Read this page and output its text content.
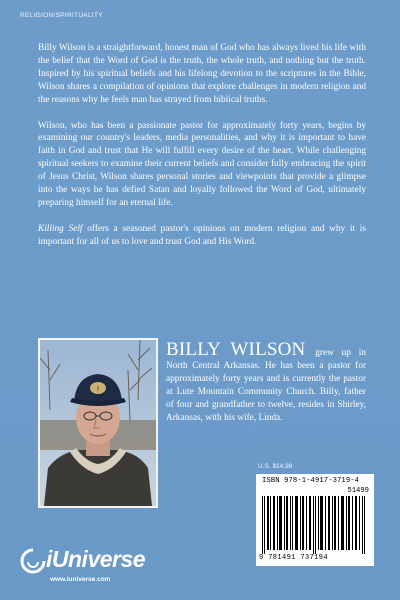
RELIGION/SPIRITUALITY

Billy Wilson is a straightforward, honest man of God who has always lived his life with the belief that the Word of God is the truth, the whole truth, and nothing but the truth. Inspired by his spiritual beliefs and his lifelong devotion to the scriptures in the Bible, Wilson shares a compilation of opinions that explore challenges in modern religion and the reasons why he feels man has strayed from biblical truths.

Wilson, who has been a passionate pastor for approximately forty years, begins by examining our country's leaders, media personalities, and why it is important to have faith in God and trust that He will fulfill every desire of the heart. While challenging spiritual seekers to examine their current beliefs and consider fully embracing the spirit of Jesus Christ, Wilson shares personal stories and viewpoints that provide a glimpse into the ways he has defied Satan and loyally followed the Word of God, ultimately preparing himself for an eternal life.

Killing Self offers a seasoned pastor's opinions on modern religion and why it is important for all of us to love and trust God and His Word.

I
BILLY WILSON grew up in North Central Arkansas. He has been a pastor for approximately forty years and is currently the pastor at Lute Mountain Community Church. Billy, father of four and grandfather to twelve, resides in Shirley, Arkansas, with his wife, Linda.
U.S. $14.99
ISBN 978-1-4917-3719-4
51499
9 781491 737194
iUniverse
www.iuniverse.com
